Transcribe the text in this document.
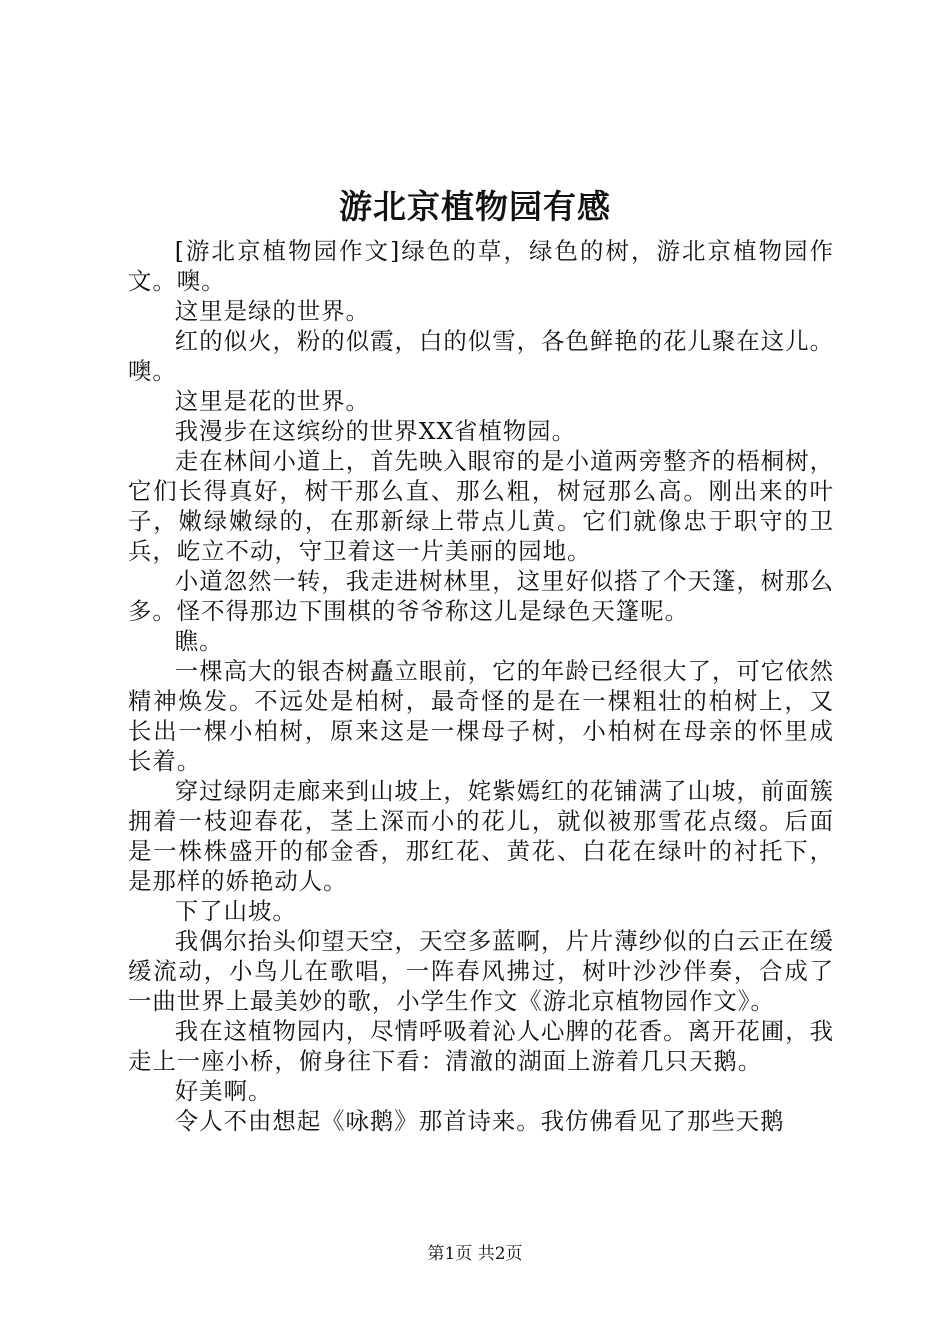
游北京植物园有感

[游北京植物园作文]绿色的草，绿色的树，游北京植物园作文。噢。

这里是绿的世界。

红的似火，粉的似霞，白的似雪，各色鲜艳的花儿聚在这儿。噢。

这里是花的世界。

我漫步在这缤纷的世界XX省植物园。

走在林间小道上，首先映入眼帘的是小道两旁整齐的梧桐树，它们长得真好，树干那么直、那么粗，树冠那么高。刚出来的叶子，嫩绿嫩绿的，在那新绿上带点儿黄。它们就像忠于职守的卫兵，屹立不动，守卫着这一片美丽的园地。

小道忽然一转，我走进树林里，这里好似搭了个天篷，树那么多。怪不得那边下围棋的爷爷称这儿是绿色天篷呢。

瞧。

一棵高大的银杏树矗立眼前，它的年龄已经很大了，可它依然精神焕发。不远处是柏树，最奇怪的是在一棵粗壮的柏树上，又长出一棵小柏树，原来这是一棵母子树，小柏树在母亲的怀里成长着。

穿过绿阴走廊来到山坡上，姹紫嫣红的花铺满了山坡，前面簇拥着一枝迎春花，茎上深而小的花儿，就似被那雪花点缀。后面是一株株盛开的郁金香，那红花、黄花、白花在绿叶的衬托下，是那样的娇艳动人。

下了山坡。

我偶尔抬头仰望天空，天空多蓝啊，片片薄纱似的白云正在缓缓流动，小鸟儿在歌唱，一阵春风拂过，树叶沙沙伴奏，合成了一曲世界上最美妙的歌，小学生作文《游北京植物园作文》。

我在这植物园内，尽情呼吸着沁人心脾的花香。离开花圃，我走上一座小桥，俯身往下看：清澈的湖面上游着几只天鹅。

好美啊。

令人不由想起《咏鹅》那首诗来。我仿佛看见了那些天鹅

第1页 共2页
